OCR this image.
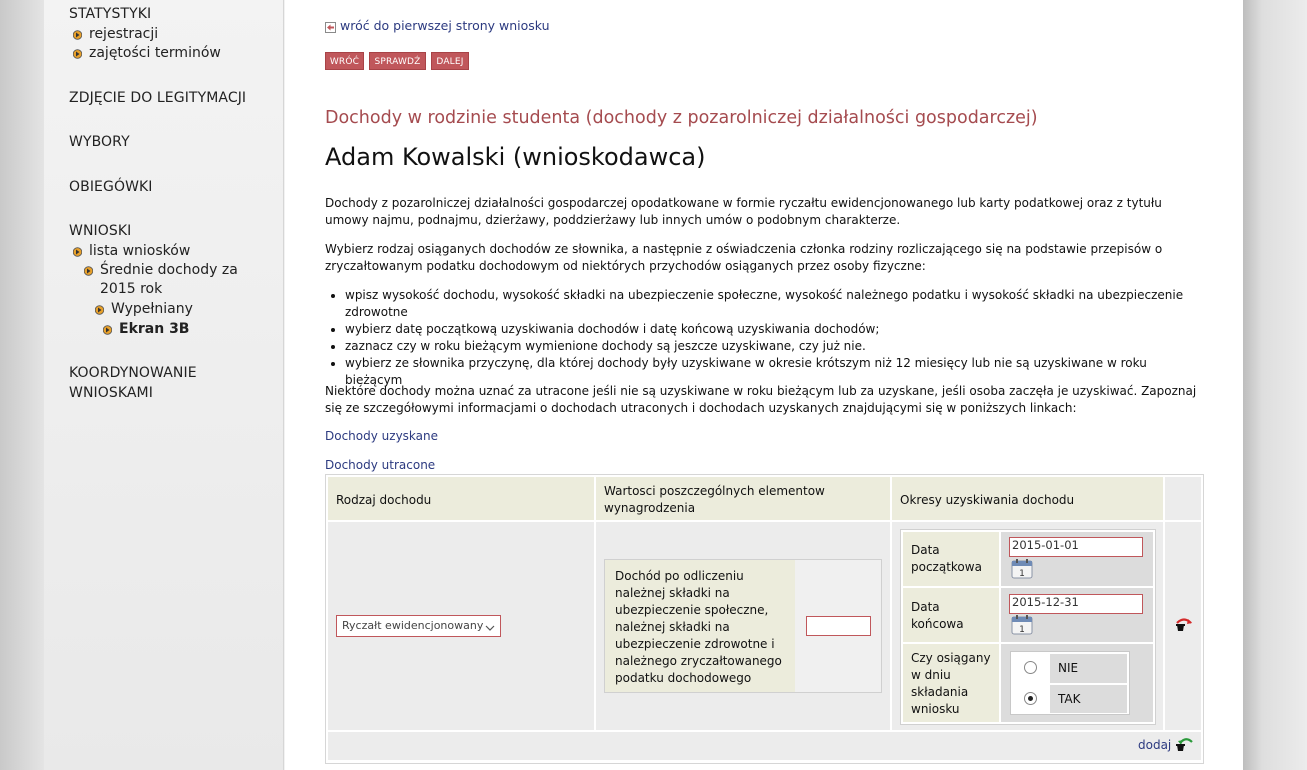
STATYSTYKI
rejestracji
zajętości terminów
ZDJĘCIE DO LEGITYMACJI
WYBORY
OBIEGÓWKI
WNIOSKI
lista wniosków
Średnie dochody za
2015 rok
Wypełniany
Ekran 3B
KOORDYNOWANIE
WNIOSKAMI
wróć do pierwszej strony wniosku
WRÓĆ	SPRAWDŹ	DALEJ
Dochody w rodzinie studenta (dochody z pozarolniczej działalności gospodarczej)
Adam Kowalski (wnioskodawca)
Dochody z pozarolniczej działalności gospodarczej opodatkowane w formie ryczałtu ewidencjonowanego lub karty podatkowej oraz z tytułu umowy najmu, podnajmu, dzierżawy, poddzierżawy lub innych umów o podobnym charakterze.
Wybierz rodzaj osiąganych dochodów ze słownika, a następnie z oświadczenia członka rodziny rozliczającego się na podstawie przepisów o zryczałtowanym podatku dochodowym od niektórych przychodów osiąganych przez osoby fizyczne:
• wpisz wysokość dochodu, wysokość składki na ubezpieczenie społeczne, wysokość należnego podatku i wysokość składki na ubezpieczenie zdrowotne
• wybierz datę początkową uzyskiwania dochodów i datę końcową uzyskiwania dochodów;
• zaznacz czy w roku bieżącym wymienione dochody są jeszcze uzyskiwane, czy już nie.
• wybierz ze słownika przyczynę, dla której dochody były uzyskiwane w okresie krótszym niż 12 miesięcy lub nie są uzyskiwane w roku bieżącym
Niektóre dochody można uznać za utracone jeśli nie są uzyskiwane w roku bieżącym lub za uzyskane, jeśli osoba zaczęła je uzyskiwać. Zapoznaj się ze szczegółowymi informacjami o dochodach utraconych i dochodach uzyskanych znajdującymi się w poniższych linkach:
Dochody uzyskane
Dochody utracone
Rodzaj dochodu
Wartosci poszczególnych elementow
wynagrodzenia
Okresy uzyskiwania dochodu
Ryczałt ewidencjonowany
Dochód po odliczeniu
należnej składki na
ubezpieczenie społeczne,
należnej składki na
ubezpieczenie zdrowotne i
należnego zryczałtowanego
podatku dochodowego
Data
początkowa
2015-01-01
1
Data
końcowa
2015-12-31
1
Czy osiągany
w dniu
składania
wniosku
NIE
TAK
dodaj
